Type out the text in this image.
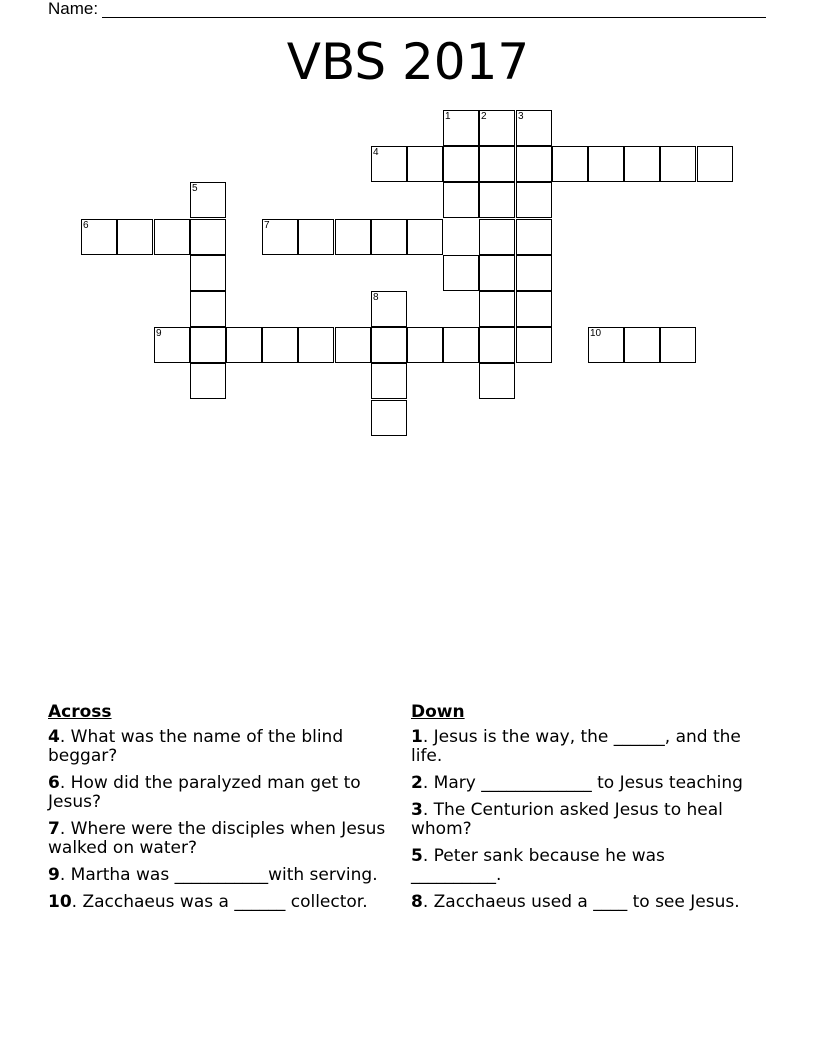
Name:
VBS 2017
1	2	3
4
5
6	7
8
9	10
Across
4. What was the name of the blind beggar?
6. How did the paralyzed man get to Jesus?
7. Where were the disciples when Jesus walked on water?
9. Martha was ___________with serving.
10. Zacchaeus was a ______ collector.
Down
1. Jesus is the way, the ______, and the life.
2. Mary _____________ to Jesus teaching
3. The Centurion asked Jesus to heal whom?
5. Peter sank because he was __________.
8. Zacchaeus used a ____ to see Jesus.
